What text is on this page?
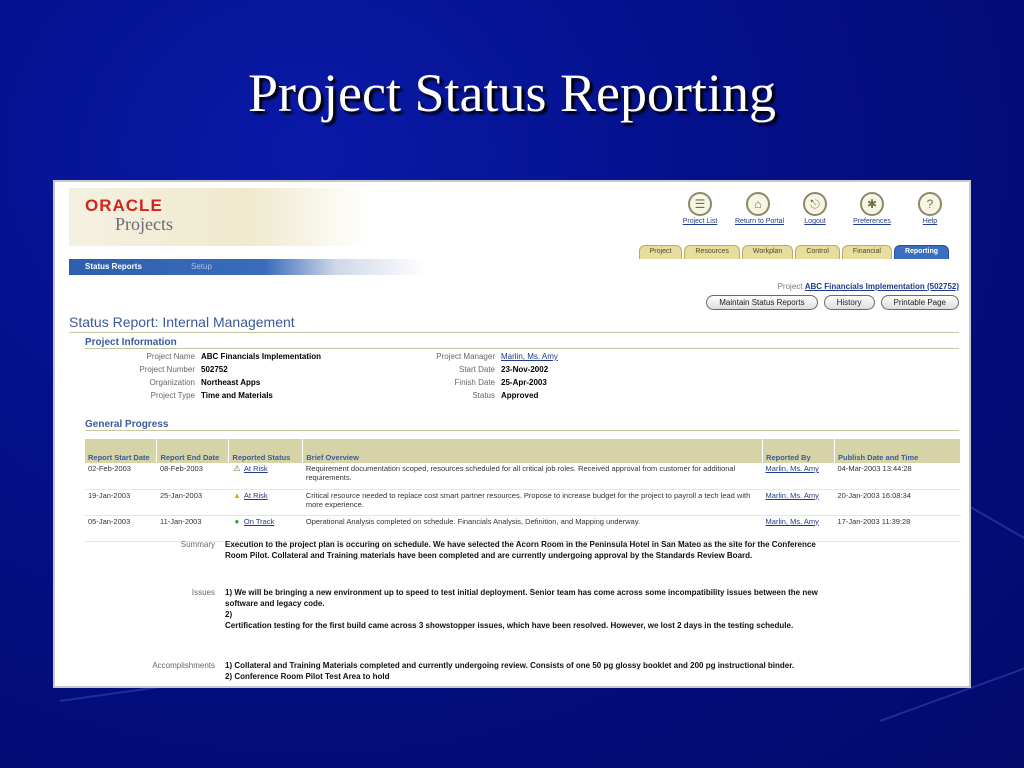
Project Status Reporting
ORACLE
Projects
☰
Project List
⌂
Return to Portal
⎋
Logout
✱
Preferences
?
Help
Project	Resources	Workplan	Control	Financial	Reporting
Status Reports	Setup
Project ABC Financials Implementation (502752)
Maintain Status Reports	History	Printable Page
Status Report: Internal Management
Project Information
Project Name ABC Financials Implementation
Project Number 502752
Organization Northeast Apps
Project Type Time and Materials
Project Manager Marlin, Ms. Amy
Start Date 23-Nov-2002
Finish Date 25-Apr-2003
Status Approved
General Progress
Report Start Date	Report End Date	Reported Status	Brief Overview	Reported By	Publish Date and Time
02-Feb-2003	08-Feb-2003	⚠ At Risk	Requirement documentation scoped, resources scheduled for all critical job roles. Received approval from customer for additional requirements.	Marlin, Ms. Amy	04-Mar-2003 13:44:28
19-Jan-2003	25-Jan-2003	▲ At Risk	Critical resource needed to replace cost smart partner resources. Propose to increase budget for the project to payroll a tech lead with more experience.	Marlin, Ms. Amy	20-Jan-2003 16:08:34
05-Jan-2003	11-Jan-2003	● On Track	Operational Analysis completed on schedule. Financials Analysis, Definition, and Mapping underway.	Marlin, Ms. Amy	17-Jan-2003 11:39:28
Summary Execution to the project plan is occuring on schedule. We have selected the Acorn Room in the Peninsula Hotel in San Mateo as the site for the Conference Room Pilot. Collateral and Training materials have been completed and are currently undergoing approval by the Standards Review Board.
Issues 1) We will be bringing a new environment up to speed to test initial deployment. Senior team has come across some incompatibility issues between the new software and legacy code.
2)
Certification testing for the first build came across 3 showstopper issues, which have been resolved. However, we lost 2 days in the testing schedule.
Accomplishments 1) Collateral and Training Materials completed and currently undergoing review. Consists of one 50 pg glossy booklet and 200 pg instructional binder.
2) Conference Room Pilot Test Area to hold
